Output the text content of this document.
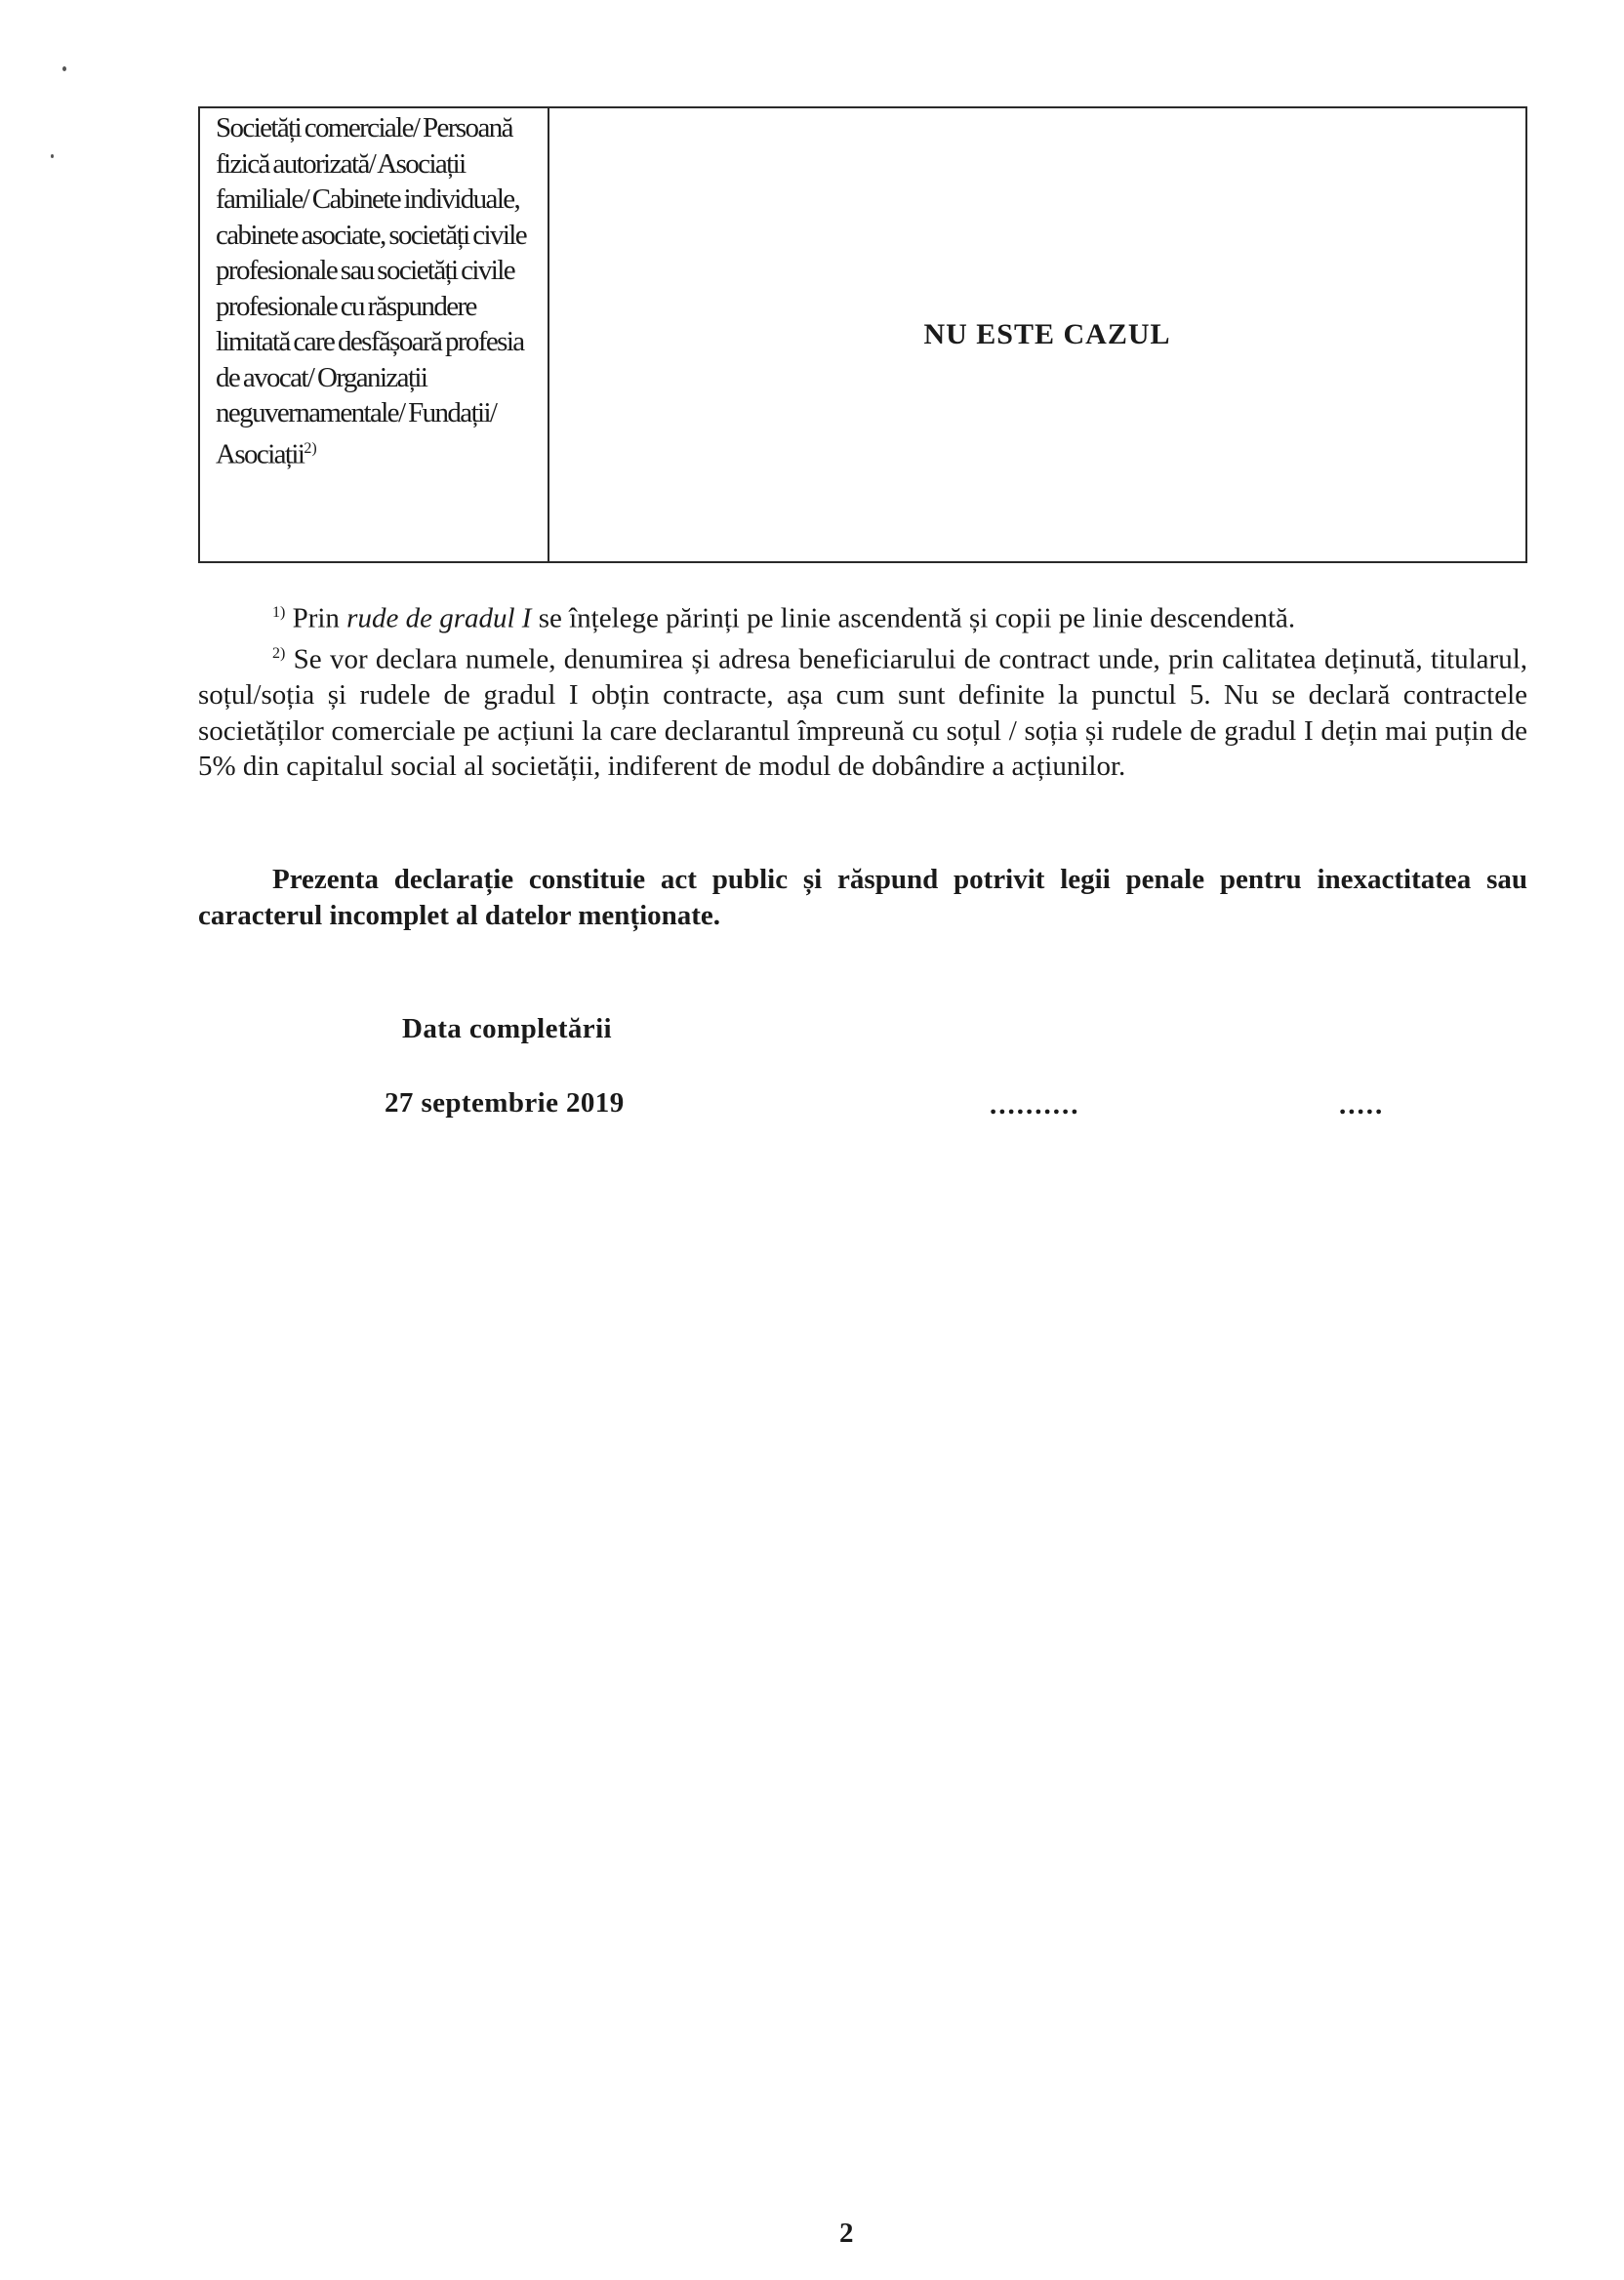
Societăți comerciale/ Persoană fizică autorizată/ Asociații familiale/ Cabinete individuale, cabinete asociate, societăți civile profesionale sau societăți civile profesionale cu răspundere limitată care desfășoară profesia de avocat/ Organizații neguvernamentale/ Fundații/ Asociații$^{2)}$

NU ESTE CAZUL

$^{1)}$ Prin rude de gradul I se înțelege părinți pe linie ascendentă și copii pe linie descendentă.

$^{2)}$ Se vor declara numele, denumirea și adresa beneficiarului de contract unde, prin calitatea deținută, titularul, soțul/soția și rudele de gradul I obțin contracte, așa cum sunt definite la punctul 5. Nu se declară contractele societăților comerciale pe acțiuni la care declarantul împreună cu soțul / soția și rudele de gradul I dețin mai puțin de 5% din capitalul social al societății, indiferent de modul de dobândire a acțiunilor.

Prezenta declarație constituie act public și răspund potrivit legii penale pentru inexactitatea sau caracterul incomplet al datelor menționate.

Data completării
27 septembrie 2019	..........	.....
2
